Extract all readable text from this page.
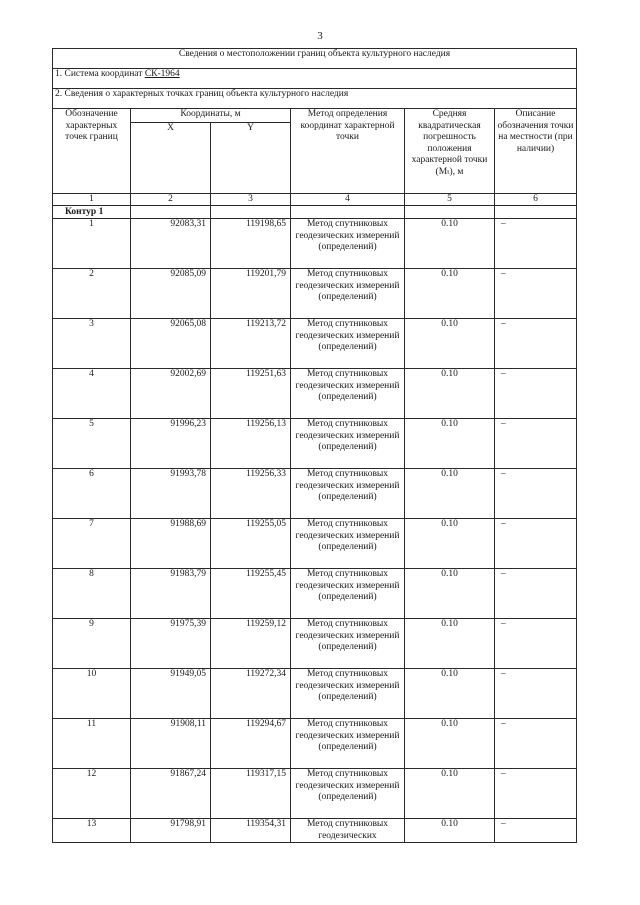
3
Сведения о местоположении границ объекта культурного наследия					
1. Система координат СК-1964					
2. Сведения о характерных точках границ объекта культурного наследия					
Обозначение характерных точек границ	Координаты, м		Метод определения координат характерной точки	Средняя квадратическая погрешность положения характерной точки (Mₜ), м	Описание обозначения точки на местности (при наличии)
	X	Y			
1	2	3	4	5	6
Контур 1					
1	92083,31	119198,65	Метод спутниковых геодезических измерений (определений)	0.10	–
2	92085,09	119201,79	Метод спутниковых геодезических измерений (определений)	0.10	–
3	92065,08	119213,72	Метод спутниковых геодезических измерений (определений)	0.10	–
4	92002,69	119251,63	Метод спутниковых геодезических измерений (определений)	0.10	–
5	91996,23	119256,13	Метод спутниковых геодезических измерений (определений)	0.10	–
6	91993,78	119256,33	Метод спутниковых геодезических измерений (определений)	0.10	–
7	91988,69	119255,05	Метод спутниковых геодезических измерений (определений)	0.10	–
8	91983,79	119255,45	Метод спутниковых геодезических измерений (определений)	0.10	–
9	91975,39	119259,12	Метод спутниковых геодезических измерений (определений)	0.10	–
10	91949,05	119272,34	Метод спутниковых геодезических измерений (определений)	0.10	–
11	91908,11	119294,67	Метод спутниковых геодезических измерений (определений)	0.10	–
12	91867,24	119317,15	Метод спутниковых геодезических измерений (определений)	0.10	–
13	91798,91	119354,31	Метод спутниковых геодезических	0.10	–
